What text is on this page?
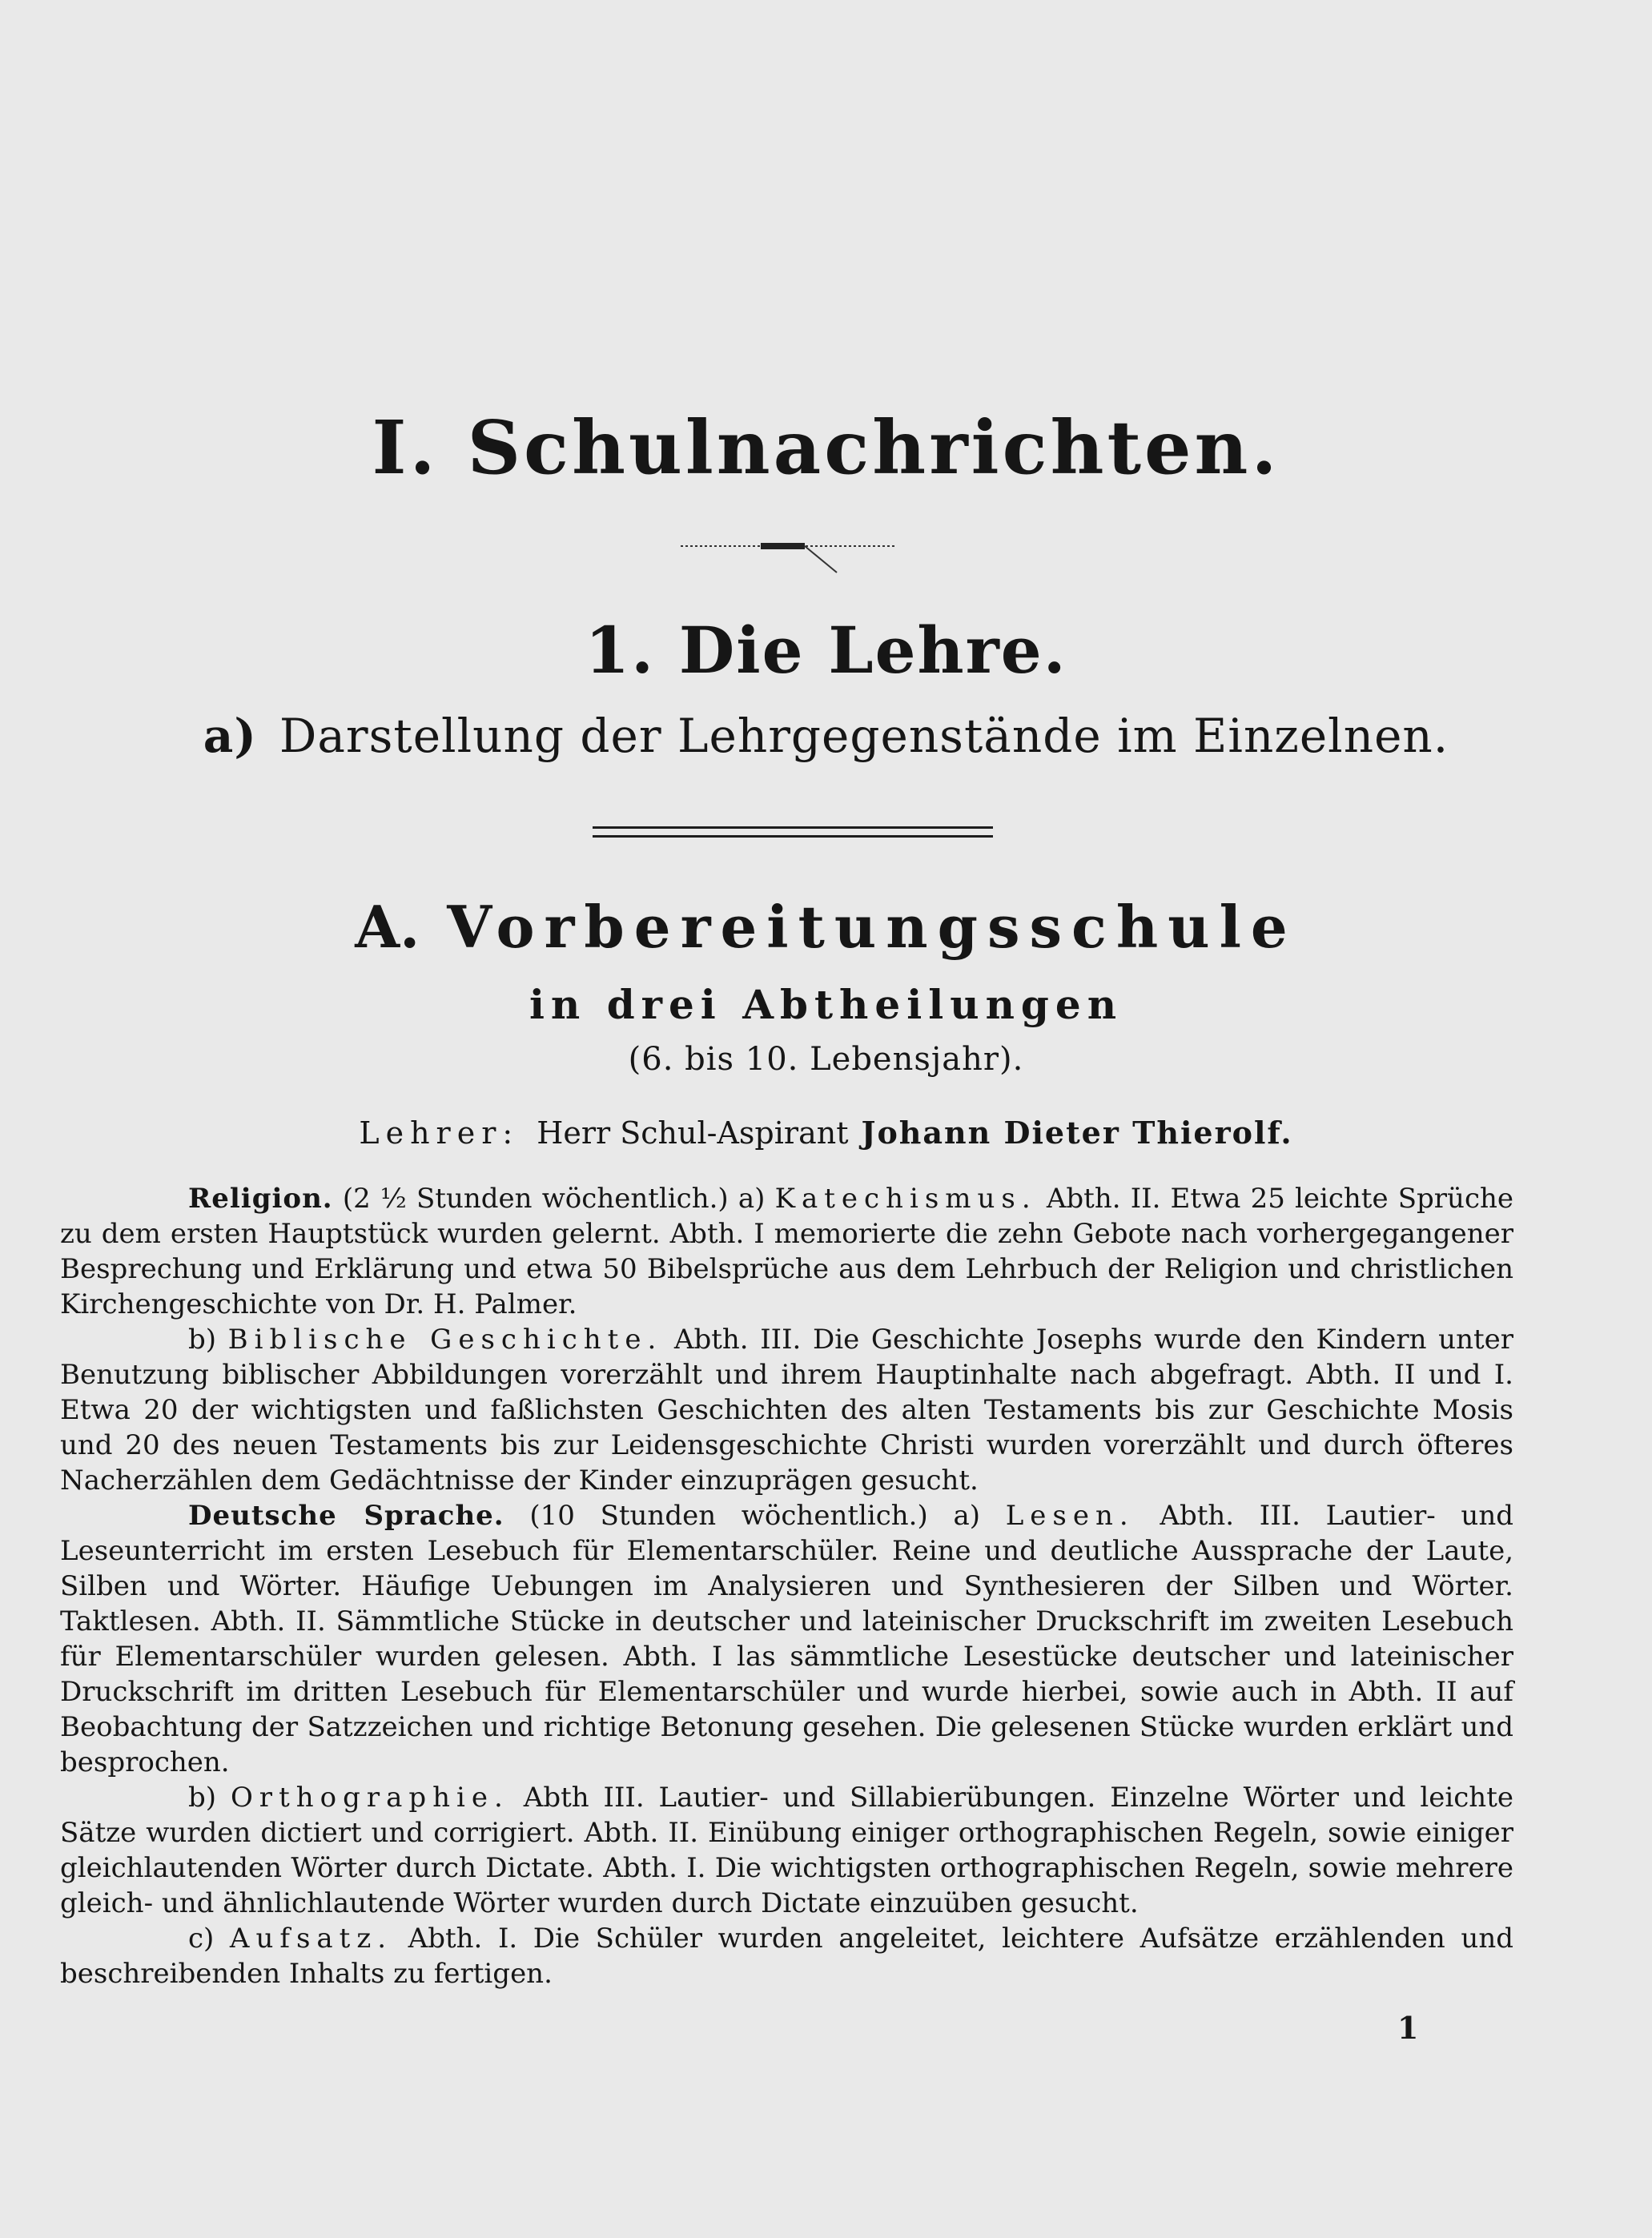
I. Schulnachrichten.
1. Die Lehre.
a) Darstellung der Lehrgegenstände im Einzelnen.
A. Vorbereitungsschule
in drei Abtheilungen
(6. bis 10. Lebensjahr).
Lehrer: Herr Schul-Aspirant Johann Dieter Thierolf.

Religion. (2 ½ Stunden wöchentlich.) a) Katechismus. Abth. II. Etwa 25 leichte Sprüche zu dem ersten Hauptstück wurden gelernt. Abth. I memorierte die zehn Gebote nach vorhergegangener Besprechung und Erklärung und etwa 50 Bibelsprüche aus dem Lehrbuch der Religion und christlichen Kirchengeschichte von Dr. H. Palmer.

b) Biblische Geschichte. Abth. III. Die Geschichte Josephs wurde den Kindern unter Benutzung biblischer Abbildungen vorerzählt und ihrem Hauptinhalte nach abgefragt. Abth. II und I. Etwa 20 der wichtigsten und faßlichsten Geschichten des alten Testaments bis zur Geschichte Mosis und 20 des neuen Testaments bis zur Leidensgeschichte Christi wurden vorerzählt und durch öfteres Nacherzählen dem Gedächtnisse der Kinder einzuprägen gesucht.

Deutsche Sprache. (10 Stunden wöchentlich.) a) Lesen. Abth. III. Lautier- und Leseunterricht im ersten Lesebuch für Elementarschüler. Reine und deutliche Aussprache der Laute, Silben und Wörter. Häufige Uebungen im Analysieren und Synthesieren der Silben und Wörter. Taktlesen. Abth. II. Sämmtliche Stücke in deutscher und lateinischer Druckschrift im zweiten Lesebuch für Elementarschüler wurden gelesen. Abth. I las sämmtliche Lesestücke deutscher und lateinischer Druckschrift im dritten Lesebuch für Elementarschüler und wurde hierbei, sowie auch in Abth. II auf Beobachtung der Satzzeichen und richtige Betonung gesehen. Die gelesenen Stücke wurden erklärt und besprochen.

b) Orthographie. Abth III. Lautier- und Sillabierübungen. Einzelne Wörter und leichte Sätze wurden dictiert und corrigiert. Abth. II. Einübung einiger orthographischen Regeln, sowie einiger gleichlautenden Wörter durch Dictate. Abth. I. Die wichtigsten orthographischen Regeln, sowie mehrere gleich- und ähnlichlautende Wörter wurden durch Dictate einzuüben gesucht.

c) Aufsatz. Abth. I. Die Schüler wurden angeleitet, leichtere Aufsätze erzählenden und beschreibenden Inhalts zu fertigen.

1
